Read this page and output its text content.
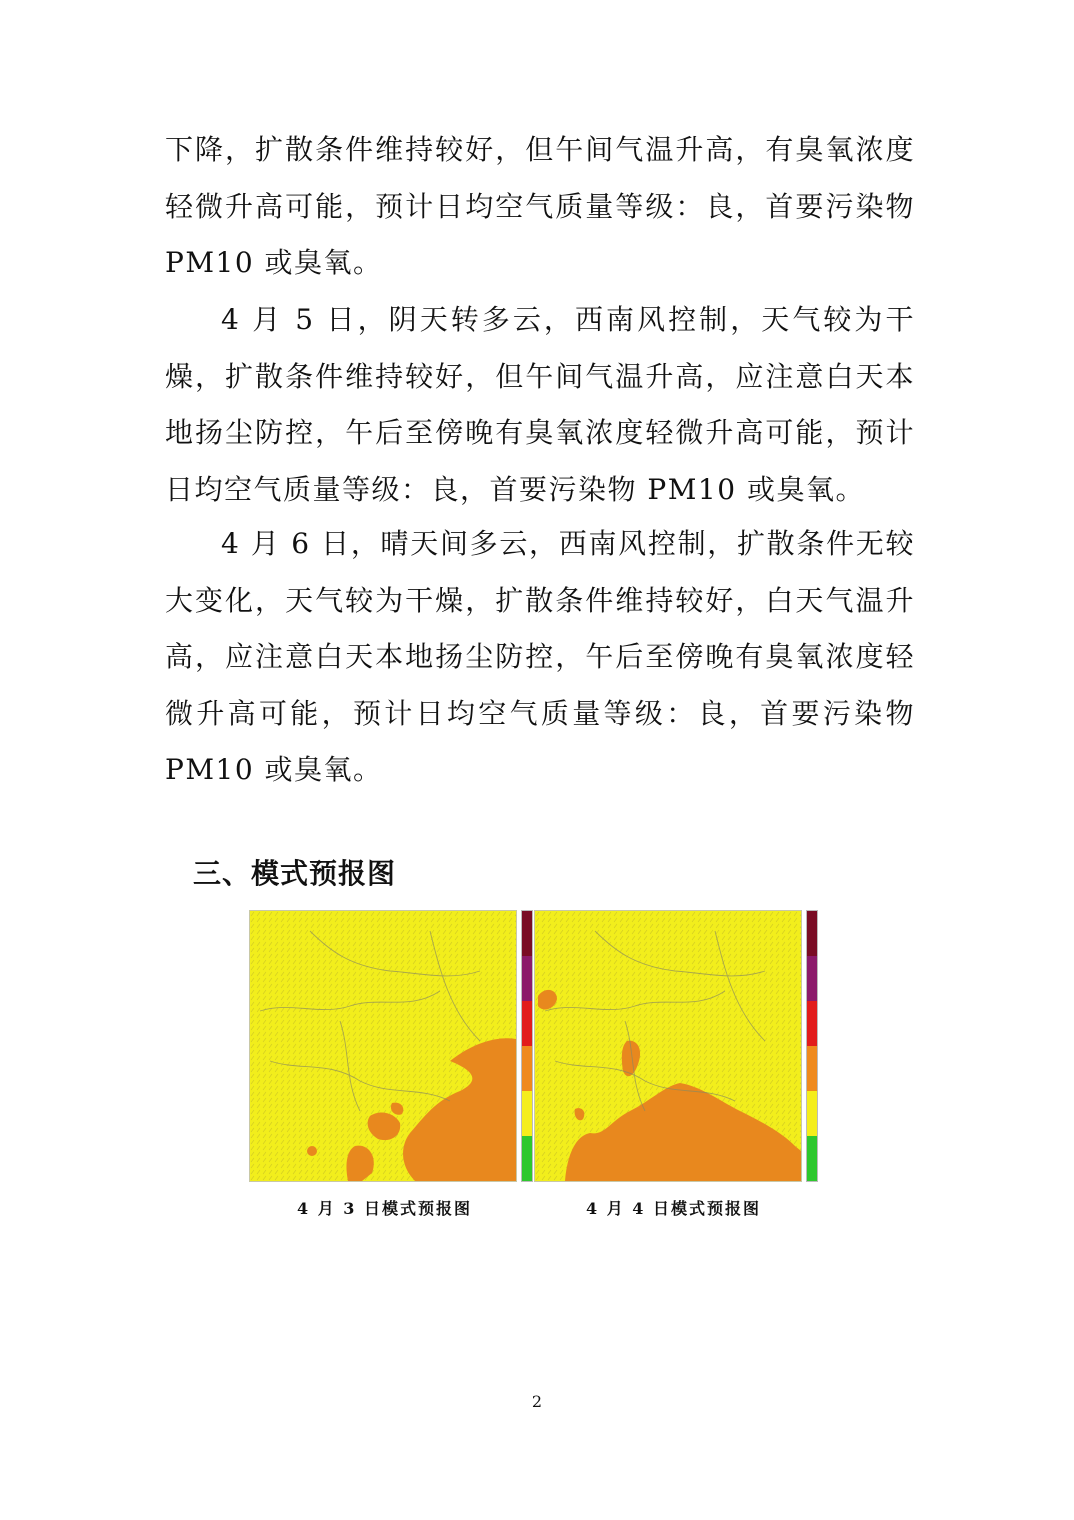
下降，扩散条件维持较好，但午间气温升高，有臭氧浓度轻微升高可能，预计日均空气质量等级：良，首要污染物 PM10 或臭氧。

4 月 5 日，阴天转多云，西南风控制，天气较为干燥，扩散条件维持较好，但午间气温升高，应注意白天本地扬尘防控，午后至傍晚有臭氧浓度轻微升高可能，预计日均空气质量等级：良，首要污染物 PM10 或臭氧。

4 月 6 日，晴天间多云，西南风控制，扩散条件无较大变化，天气较为干燥，扩散条件维持较好，白天气温升高，应注意白天本地扬尘防控，午后至傍晚有臭氧浓度轻微升高可能，预计日均空气质量等级：良，首要污染物 PM10 或臭氧。

三、模式预报图

4 月 3 日模式预报图	4 月 4 日模式预报图

2
